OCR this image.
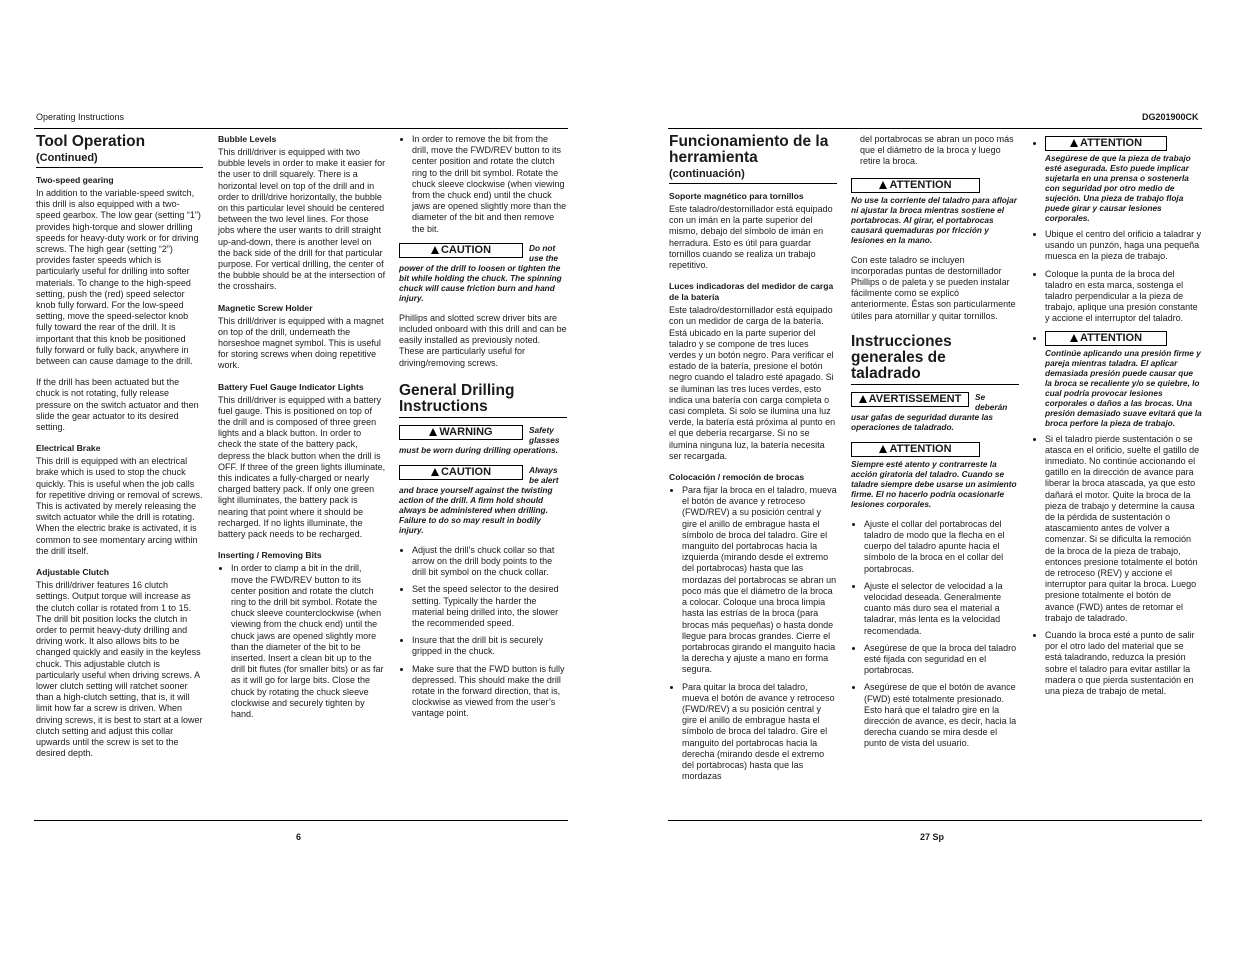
Operating Instructions	DG201900CK
Tool Operation
(Continued)
Two-speed gearing

In addition to the variable-speed switch, this drill is also equipped with a two-speed gearbox. The low gear (setting “1”) provides high-torque and slower drilling speeds for heavy-duty work or for driving screws. The high gear (setting “2”) provides faster speeds which is particularly useful for drilling into softer materials. To change to the high-speed setting, push the (red) speed selector knob fully forward. For the low-speed setting, move the speed-selector knob fully toward the rear of the drill. It is important that this knob be positioned fully forward or fully back, anywhere in between can cause damage to the drill.

If the drill has been actuated but the chuck is not rotating, fully release pressure on the switch actuator and then slide the gear actuator to its desired setting.

Electrical Brake

This drill is equipped with an electrical brake which is used to stop the chuck quickly. This is useful when the job calls for repetitive driving or removal of screws. This is activated by merely releasing the switch actuator while the drill is rotating. When the electric brake is activated, it is common to see momentary arcing within the drill itself.

Adjustable Clutch

This drill/driver features 16 clutch settings. Output torque will increase as the clutch collar is rotated from 1 to 15. The drill bit position locks the clutch in order to permit heavy-duty drilling and driving work. It also allows bits to be changed quickly and easily in the keyless chuck. This adjustable clutch is particularly useful when driving screws. A lower clutch setting will ratchet sooner than a high-clutch setting, that is, it will limit how far a screw is driven. When driving screws, it is best to start at a lower clutch setting and adjust this collar upwards until the screw is set to the desired depth.

Bubble Levels

This drill/driver is equipped with two bubble levels in order to make it easier for the user to drill squarely. There is a horizontal level on top of the drill and in order to drill/drive horizontally, the bubble on this particular level should be centered between the two level lines. For those jobs where the user wants to drill straight up-and-down, there is another level on the back side of the drill for that particular purpose. For vertical drilling, the center of the bubble should be at the intersection of the crosshairs.

Magnetic Screw Holder

This drill/driver is equipped with a magnet on top of the drill, underneath the horseshoe magnet symbol. This is useful for storing screws when doing repetitive work.

Battery Fuel Gauge Indicator Lights

This drill/driver is equipped with a battery fuel gauge. This is positioned on top of the drill and is composed of three green lights and a black button. In order to check the state of the battery pack, depress the black button when the drill is OFF. If three of the green lights illuminate, this indicates a fully-charged or nearly charged battery pack. If only one green light illuminates, the battery pack is nearing that point where it should be recharged. If no lights illuminate, the battery pack needs to be recharged.

Inserting / Removing Bits
• In order to clamp a bit in the drill, move the FWD/REV button to its center position and rotate the clutch ring to the drill bit symbol. Rotate the chuck sleeve counterclockwise (when viewing from the chuck end) until the chuck jaws are opened slightly more than the diameter of the bit to be inserted. Insert a clean bit up to the drill bit flutes (for smaller bits) or as far as it will go for large bits. Close the chuck by rotating the chuck sleeve clockwise and securely tighten by hand.
• In order to remove the bit from the drill, move the FWD/REV button to its center position and rotate the clutch ring to the drill bit symbol. Rotate the chuck sleeve clockwise (when viewing from the chuck end) until the chuck jaws are opened slightly more than the diameter of the bit and then remove the bit.
CAUTION	Do not use the power of the drill to loosen or tighten the bit while holding the chuck. The spinning chuck will cause friction burn and hand injury.

Phillips and slotted screw driver bits are included onboard with this drill and can be easily installed as previously noted. These are particularly useful for driving/removing screws.

General Drilling Instructions
WARNING	Safety glasses must be worn during drilling operations.
CAUTION	Always be alert and brace yourself against the twisting action of the drill. A firm hold should always be administered when drilling. Failure to do so may result in bodily injury.
• Adjust the drill’s chuck collar so that arrow on the drill body points to the drill bit symbol on the chuck collar.
• Set the speed selector to the desired setting. Typically the harder the material being drilled into, the slower the recommended speed.
• Insure that the drill bit is securely gripped in the chuck.
• Make sure that the FWD button is fully depressed. This should make the drill rotate in the forward direction, that is, clockwise as viewed from the user’s vantage point.
Funcionamiento de la herramienta
(continuación)
Soporte magnético para tornillos

Este taladro/destornillador está equipado con un imán en la parte superior del mismo, debajo del símbolo de imán en herradura. Esto es útil para guardar tornillos cuando se realiza un trabajo repetitivo.

Luces indicadoras del medidor de carga de la batería

Este taladro/destornillador está equipado con un medidor de carga de la batería. Está ubicado en la parte superior del taladro y se compone de tres luces verdes y un botón negro. Para verificar el estado de la batería, presione el botón negro cuando el taladro esté apagado. Si se iluminan las tres luces verdes, esto indica una batería con carga completa o casi completa. Si solo se ilumina una luz verde, la batería está próxima al punto en el que debería recargarse. Si no se ilumina ninguna luz, la batería necesita ser recargada.

Colocación / remoción de brocas
• Para fijar la broca en el taladro, mueva el botón de avance y retroceso (FWD/REV) a su posición central y gire el anillo de embrague hasta el símbolo de broca del taladro. Gire el manguito del portabrocas hacia la izquierda (mirando desde el extremo del portabrocas) hasta que las mordazas del portabrocas se abran un poco más que el diámetro de la broca a colocar. Coloque una broca limpia hasta las estrías de la broca (para brocas más pequeñas) o hasta donde llegue para brocas grandes. Cierre el portabrocas girando el manguito hacia la derecha y ajuste a mano en forma segura.
• Para quitar la broca del taladro, mueva el botón de avance y retroceso (FWD/REV) a su posición central y gire el anillo de embrague hasta el símbolo de broca del taladro. Gire el manguito del portabrocas hacia la derecha (mirando desde el extremo del portabrocas) hasta que las mordazas

del portabrocas se abran un poco más que el diámetro de la broca y luego retire la broca.

ATTENTION
No use la corriente del taladro para aflojar ni ajustar la broca mientras sostiene el portabrocas. Al girar, el portabrocas causará quemaduras por fricción y lesiones en la mano.

Con este taladro se incluyen incorporadas puntas de destornillador Phillips o de paleta y se pueden instalar fácilmente como se explicó anteriormente. Éstas son particularmente útiles para atornillar y quitar tornillos.

Instrucciones generales de taladrado
AVERTISSEMENT	Se deberán usar gafas de seguridad durante las operaciones de taladrado.
ATTENTION
Siempre esté atento y contrarreste la acción giratoria del taladro. Cuando se taladre siempre debe usarse un asimiento firme. El no hacerlo podría ocasionarle lesiones corporales.
• Ajuste el collar del portabrocas del taladro de modo que la flecha en el cuerpo del taladro apunte hacia el símbolo de la broca en el collar del portabrocas.
• Ajuste el selector de velocidad a la velocidad deseada. Generalmente cuanto más duro sea el material a taladrar, más lenta es la velocidad recomendada.
• Asegúrese de que la broca del taladro esté fijada con seguridad en el portabrocas.
• Asegúrese de que el botón de avance (FWD) esté totalmente presionado. Esto hará que el taladro gire en la dirección de avance, es decir, hacia la derecha cuando se mira desde el punto de vista del usuario.
• ATTENTION
Asegúrese de que la pieza de trabajo esté asegurada. Esto puede implicar sujetarla en una prensa o sostenerla con seguridad por otro medio de sujeción. Una pieza de trabajo floja puede girar y causar lesiones corporales.
• Ubique el centro del orificio a taladrar y usando un punzón, haga una pequeña muesca en la pieza de trabajo.
• Coloque la punta de la broca del taladro en esta marca, sostenga el taladro perpendicular a la pieza de trabajo, aplique una presión constante y accione el interruptor del taladro.
• ATTENTION
Continúe aplicando una presión firme y pareja mientras taladra. El aplicar demasiada presión puede causar que la broca se recaliente y/o se quiebre, lo cual podría provocar lesiones corporales o daños a las brocas. Una presión demasiado suave evitará que la broca perfore la pieza de trabajo.
• Si el taladro pierde sustentación o se atasca en el orificio, suelte el gatillo de inmediato. No continúe accionando el gatillo en la dirección de avance para liberar la broca atascada, ya que esto dañará el motor. Quite la broca de la pieza de trabajo y determine la causa de la pérdida de sustentación o atascamiento antes de volver a comenzar. Si se dificulta la remoción de la broca de la pieza de trabajo, entonces presione totalmente el botón de retroceso (REV) y accione el interruptor para quitar la broca. Luego presione totalmente el botón de avance (FWD) antes de retomar el trabajo de taladrado.
• Cuando la broca esté a punto de salir por el otro lado del material que se está taladrando, reduzca la presión sobre el taladro para evitar astillar la madera o que pierda sustentación en una pieza de trabajo de metal.
6	27 Sp
